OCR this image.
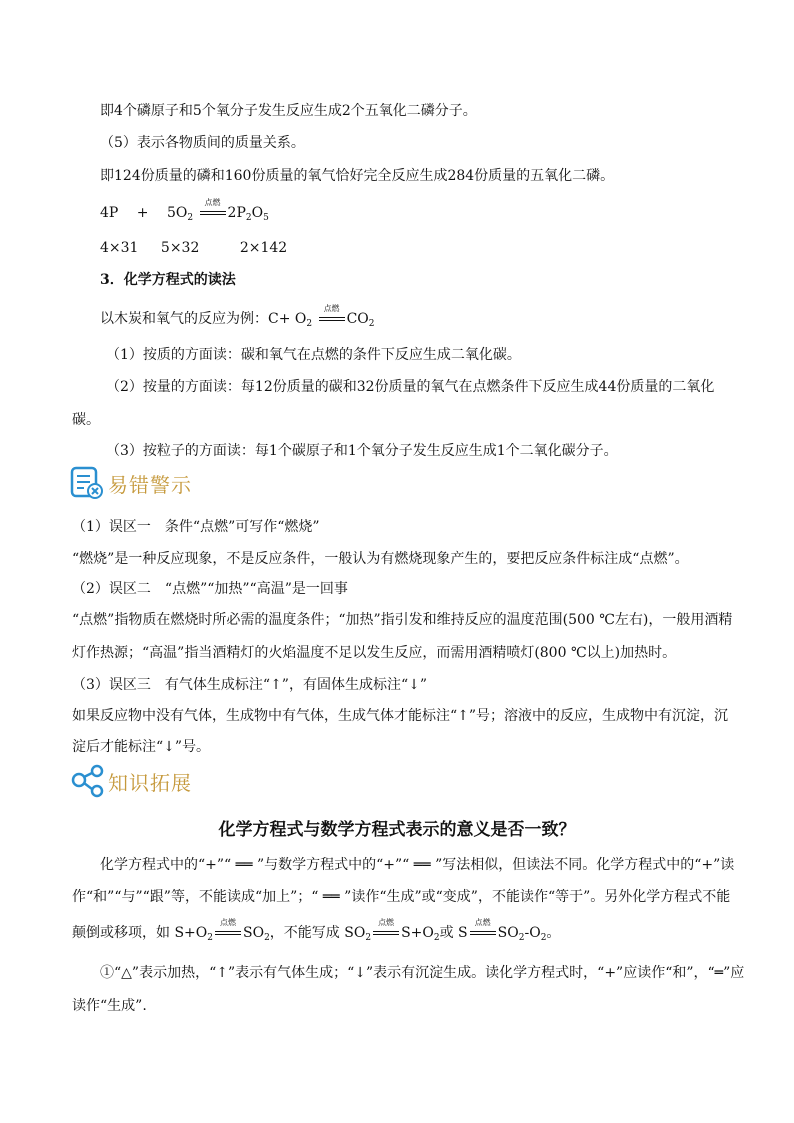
即4个磷原子和5个氧分子发生反应生成2个五氧化二磷分子。
（5）表示各物质间的质量关系。
即124份质量的磷和160份质量的氧气恰好完全反应生成284份质量的五氧化二磷。
$4P + 5O_2$
点燃
$2P_2O_5$
4×31 5×32	2×142
3．化学方程式的读法
以木炭和氧气的反应为例：$C+ O_2$
点燃
$CO_2$
（1）按质的方面读：碳和氧气在点燃的条件下反应生成二氧化碳。
（2）按量的方面读：每12份质量的碳和32份质量的氧气在点燃条件下反应生成44份质量的二氧化
碳。
（3）按粒子的方面读：每1个碳原子和1个氧分子发生反应生成1个二氧化碳分子。
易错警示
（1）误区一　条件“点燃”可写作“燃烧”
“燃烧”是一种反应现象，不是反应条件，一般认为有燃烧现象产生的，要把反应条件标注成“点燃”。
（2）误区二　“点燃”“加热”“高温”是一回事
“点燃”指物质在燃烧时所必需的温度条件；“加热”指引发和维持反应的温度范围(500 ℃左右)，一般用酒精
灯作热源；“高温”指当酒精灯的火焰温度不足以发生反应，而需用酒精喷灯(800 ℃以上)加热时。
（3）误区三　有气体生成标注“↑”，有固体生成标注“↓”
如果反应物中没有气体，生成物中有气体，生成气体才能标注“↑”号；溶液中的反应，生成物中有沉淀，沉
淀后才能标注“↓”号。
知识拓展
化学方程式与数学方程式表示的意义是否一致？
化学方程式中的“+”“ ══ ”与数学方程式中的“+”“ ══ ”写法相似，但读法不同。化学方程式中的“+”读
作“和”“与”“跟”等，不能读成“加上”；“ ══ ”读作“生成”或“变成”，不能读作“等于”。另外化学方程式不能
颠倒或移项，如 $S+O_2$
点燃
$SO_2$，不能写成 $SO_2$
点燃
$S+O_2$或 S
点燃
$SO_2-O_2$。
①“△”表示加热，“↑”表示有气体生成；“↓”表示有沉淀生成。读化学方程式时，“+”应读作“和”，“═”应
读作“生成”.
